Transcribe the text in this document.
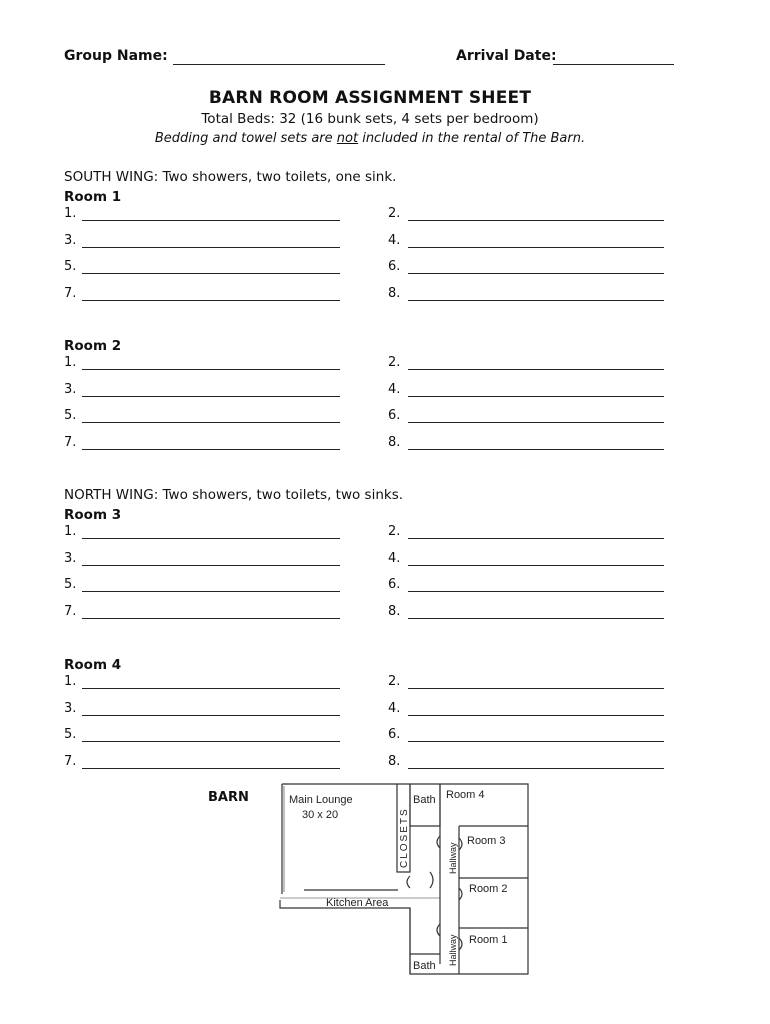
Group Name:	Arrival Date:
BARN ROOM ASSIGNMENT SHEET
Total Beds: 32 (16 bunk sets, 4 sets per bedroom)
Bedding and towel sets are not included in the rental of The Barn.
SOUTH WING: Two showers, two toilets, one sink.
NORTH WING: Two showers, two toilets, two sinks.
Room 1
1.	2.
3.	4.
5.	6.
7.	8.
Room 2
1.	2.
3.	4.
5.	6.
7.	8.
Room 3
1.	2.
3.	4.
5.	6.
7.	8.
Room 4
1.	2.
3.	4.
5.	6.
7.	8.
BARN	Main Lounge
30 x 20	CLOSETS
Bath Room 4
Room 3
Hallway
Room 2
Kitchen Area
Room 1
Hallway
Bath
